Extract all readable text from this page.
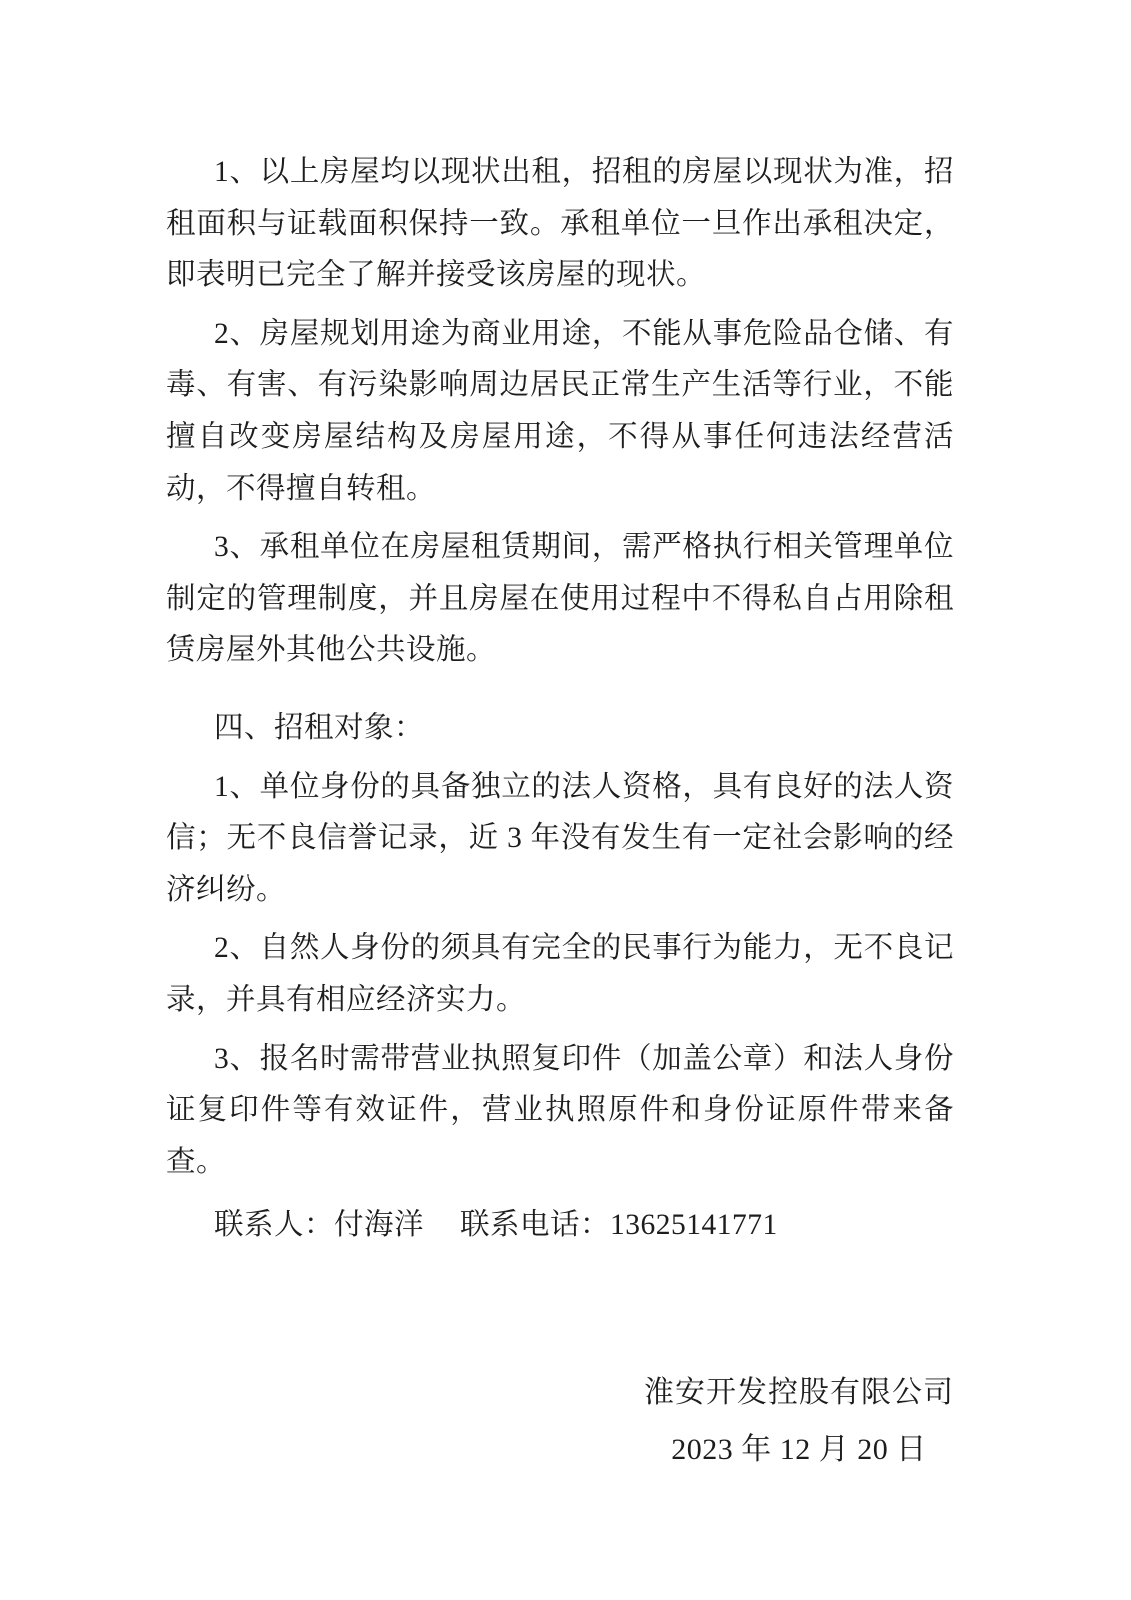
1、以上房屋均以现状出租，招租的房屋以现状为准，招租面积与证载面积保持一致。承租单位一旦作出承租决定，即表明已完全了解并接受该房屋的现状。

2、房屋规划用途为商业用途，不能从事危险品仓储、有毒、有害、有污染影响周边居民正常生产生活等行业，不能擅自改变房屋结构及房屋用途，不得从事任何违法经营活动，不得擅自转租。

3、承租单位在房屋租赁期间，需严格执行相关管理单位制定的管理制度，并且房屋在使用过程中不得私自占用除租赁房屋外其他公共设施。

四、招租对象：

1、单位身份的具备独立的法人资格，具有良好的法人资信；无不良信誉记录，近 3 年没有发生有一定社会影响的经济纠纷。

2、自然人身份的须具有完全的民事行为能力，无不良记录，并具有相应经济实力。

3、报名时需带营业执照复印件（加盖公章）和法人身份证复印件等有效证件，营业执照原件和身份证原件带来备查。

联系人：付海洋 联系电话：13625141771

淮安开发控股有限公司
2023 年 12 月 20 日
